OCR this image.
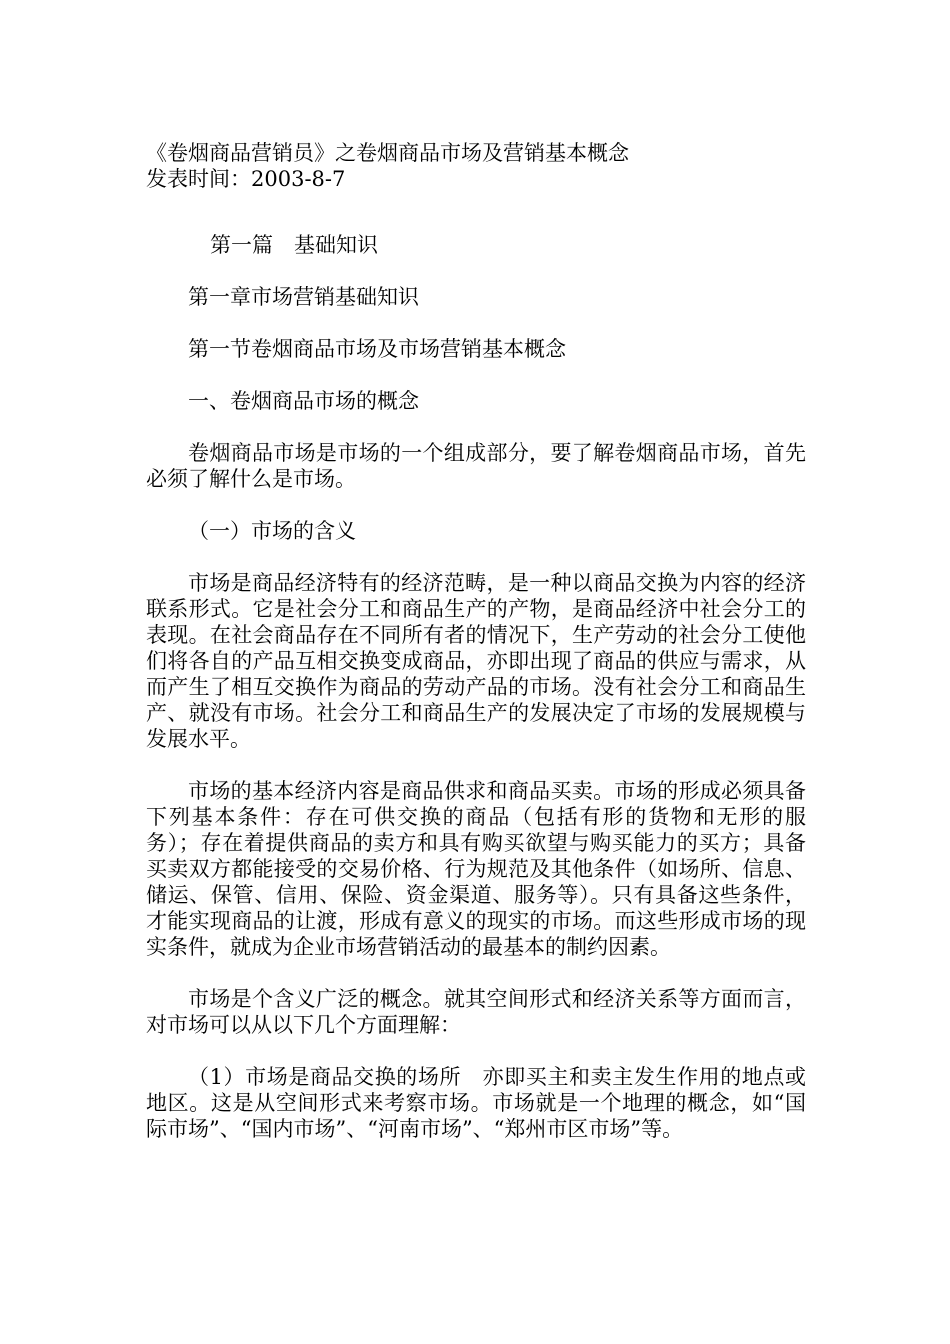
《卷烟商品营销员》之卷烟商品市场及营销基本概念

发表时间：2003-8-7

第一篇　基础知识

第一章市场营销基础知识

第一节卷烟商品市场及市场营销基本概念

一、卷烟商品市场的概念

卷烟商品市场是市场的一个组成部分，要了解卷烟商品市场，首先必须了解什么是市场。

（一）市场的含义

市场是商品经济特有的经济范畴，是一种以商品交换为内容的经济联系形式。它是社会分工和商品生产的产物，是商品经济中社会分工的表现。在社会商品存在不同所有者的情况下，生产劳动的社会分工使他们将各自的产品互相交换变成商品，亦即出现了商品的供应与需求，从而产生了相互交换作为商品的劳动产品的市场。没有社会分工和商品生产、就没有市场。社会分工和商品生产的发展决定了市场的发展规模与发展水平。

市场的基本经济内容是商品供求和商品买卖。市场的形成必须具备下列基本条件：存在可供交换的商品（包括有形的货物和无形的服务）；存在着提供商品的卖方和具有购买欲望与购买能力的买方；具备买卖双方都能接受的交易价格、行为规范及其他条件（如场所、信息、储运、保管、信用、保险、资金渠道、服务等）。只有具备这些条件，才能实现商品的让渡，形成有意义的现实的市场。而这些形成市场的现实条件，就成为企业市场营销活动的最基本的制约因素。

市场是个含义广泛的概念。就其空间形式和经济关系等方面而言，对市场可以从以下几个方面理解：

（1）市场是商品交换的场所　亦即买主和卖主发生作用的地点或地区。这是从空间形式来考察市场。市场就是一个地理的概念，如“国际市场”、“国内市场”、“河南市场”、“郑州市区市场”等。
